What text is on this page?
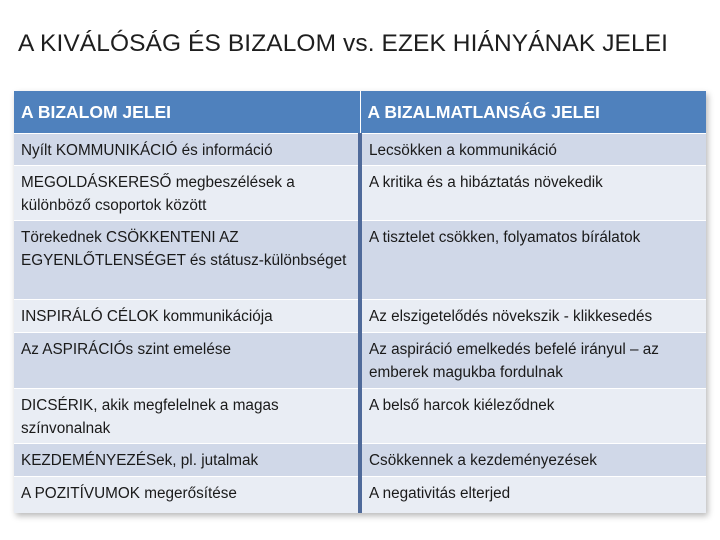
A KIVÁLÓSÁG ÉS BIZALOM vs. EZEK HIÁNYÁNAK JELEI
A BIZALOM JELEI	A BIZALMATLANSÁG JELEI
Nyílt KOMMUNIKÁCIÓ és információ	Lecsökken a kommunikáció
MEGOLDÁSKERESŐ megbeszélések a különböző csoportok között	A kritika és a hibáztatás növekedik
Törekednek CSÖKKENTENI AZ EGYENLŐTLENSÉGET és státusz-különbséget	A tisztelet csökken, folyamatos bírálatok
INSPIRÁLÓ CÉLOK kommunikációja	Az elszigetelődés növekszik - klikkesedés
Az ASPIRÁCIÓs szint emelése	Az aspiráció emelkedés befelé irányul – az emberek magukba fordulnak
DICSÉRIK, akik megfelelnek a magas színvonalnak	A belső harcok kiéleződnek
KEZDEMÉNYEZÉSek, pl. jutalmak	Csökkennek a kezdeményezések
A POZITÍVUMOK megerősítése	A negativitás elterjed
